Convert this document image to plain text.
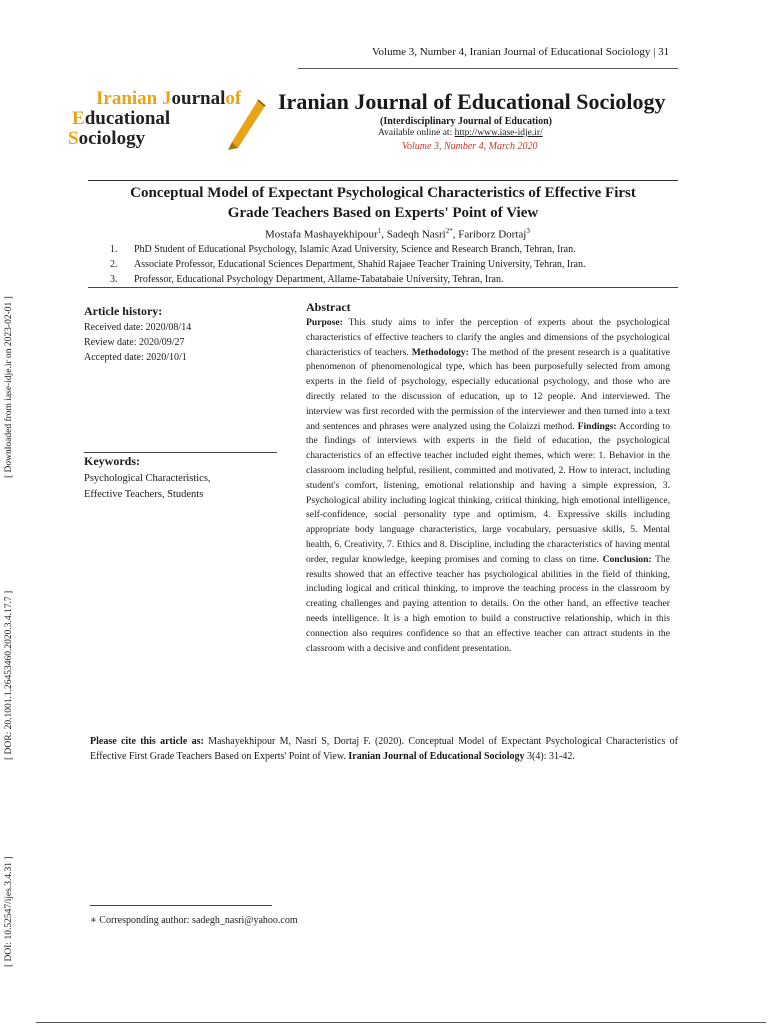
[ Downloaded from iase-idje.ir on 2023-02-01 ]
[ DOR: 20.1001.1.26453460.2020.3.4.17.7 ]
[ DOI: 10.52547/ijes.3.4.31 ]
Volume 3, Number 4, Iranian Journal of Educational Sociology | 31
Iranian Journalof
Educational
Sociology
Iranian Journal of Educational Sociology
(Interdisciplinary Journal of Education)
Available online at: http://www.iase-idje.ir/
Volume 3, Number 4, March 2020
Conceptual Model of Expectant Psychological Characteristics of Effective First
Grade Teachers Based on Experts' Point of View
Mostafa Mashayekhipour$^1$, Sadeqh Nasri$^{2*}$, Fariborz Dortaj$^3$
1. PhD Student of Educational Psychology, Islamic Azad University, Science and Research Branch, Tehran, Iran.
2. Associate Professor, Educational Sciences Department, Shahid Rajaee Teacher Training University, Tehran, Iran.
3. Professor, Educational Psychology Department, Allame-Tabatabaie University, Tehran, Iran.
Article history:
Received date: 2020/08/14
Review date: 2020/09/27
Accepted date: 2020/10/1
Keywords:
Psychological Characteristics,
Effective Teachers, Students
Abstract
Purpose: This study aims to infer the perception of experts about the psychological characteristics of effective teachers to clarify the angles and dimensions of the psychological characteristics of teachers. Methodology: The method of the present research is a qualitative phenomenon of phenomenological type, which has been purposefully selected from among experts in the field of psychology, especially educational psychology, and those who are directly related to the discussion of education, up to 12 people. And interviewed. The interview was first recorded with the permission of the interviewer and then turned into a text and sentences and phrases were analyzed using the Colaizzi method. Findings: According to the findings of interviews with experts in the field of education, the psychological characteristics of an effective teacher included eight themes, which were: 1. Behavior in the classroom including helpful, resilient, committed and motivated, 2. How to interact, including student's comfort, listening, emotional relationship and having a simple expression, 3. Psychological ability including logical thinking, critical thinking, high emotional intelligence, self-confidence, social personality type and optimism, 4. Expressive skills including appropriate body language characteristics, large vocabulary, persuasive skills, 5. Mental health, 6. Creativity, 7. Ethics and 8. Discipline, including the characteristics of having mental order, regular knowledge, keeping promises and coming to class on time. Conclusion: The results showed that an effective teacher has psychological abilities in the field of thinking, including logical and critical thinking, to improve the teaching process in the classroom by creating challenges and paying attention to details. On the other hand, an effective teacher needs intelligence. It is a high emotion to build a constructive relationship, which in this connection also requires confidence so that an effective teacher can attract students in the classroom with a decisive and confident presentation.
Please cite this article as: Mashayekhipour M, Nasri S, Dortaj F. (2020). Conceptual Model of Expectant Psychological Characteristics of Effective First Grade Teachers Based on Experts' Point of View. Iranian Journal of Educational Sociology 3(4): 31-42.
∗ Corresponding author: sadegh_nasri@yahoo.com
